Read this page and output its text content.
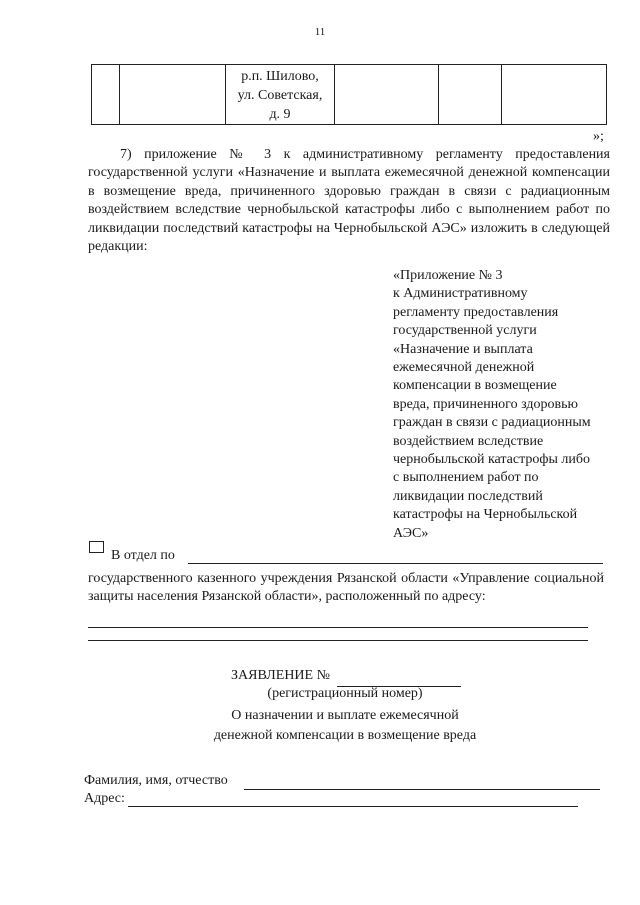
11

р.п. Шилово,
ул. Советская,
д. 9

»;

7) приложение № 3 к административному регламенту предоставления государственной услуги «Назначение и выплата ежемесячной денежной компенсации в возмещение вреда, причиненного здоровью граждан в связи с радиационным воздействием вследствие чернобыльской катастрофы либо с выполнением работ по ликвидации последствий катастрофы на Чернобыльской АЭС» изложить в следующей редакции:

«Приложение № 3

к Административному

регламенту предоставления

государственной услуги

«Назначение и выплата

ежемесячной денежной

компенсации в возмещение

вреда, причиненного здоровью

граждан в связи с радиационным

воздействием вследствие

чернобыльской катастрофы либо

с выполнением работ по

ликвидации последствий

катастрофы на Чернобыльской

АЭС»

В отдел по

государственного казенного учреждения Рязанской области «Управление социальной защиты населения Рязанской области», расположенный по адресу:

ЗАЯВЛЕНИЕ №
(регистрационный номер)
О назначении и выплате ежемесячной
денежной компенсации в возмещение вреда
Фамилия, имя, отчество
Адрес:
